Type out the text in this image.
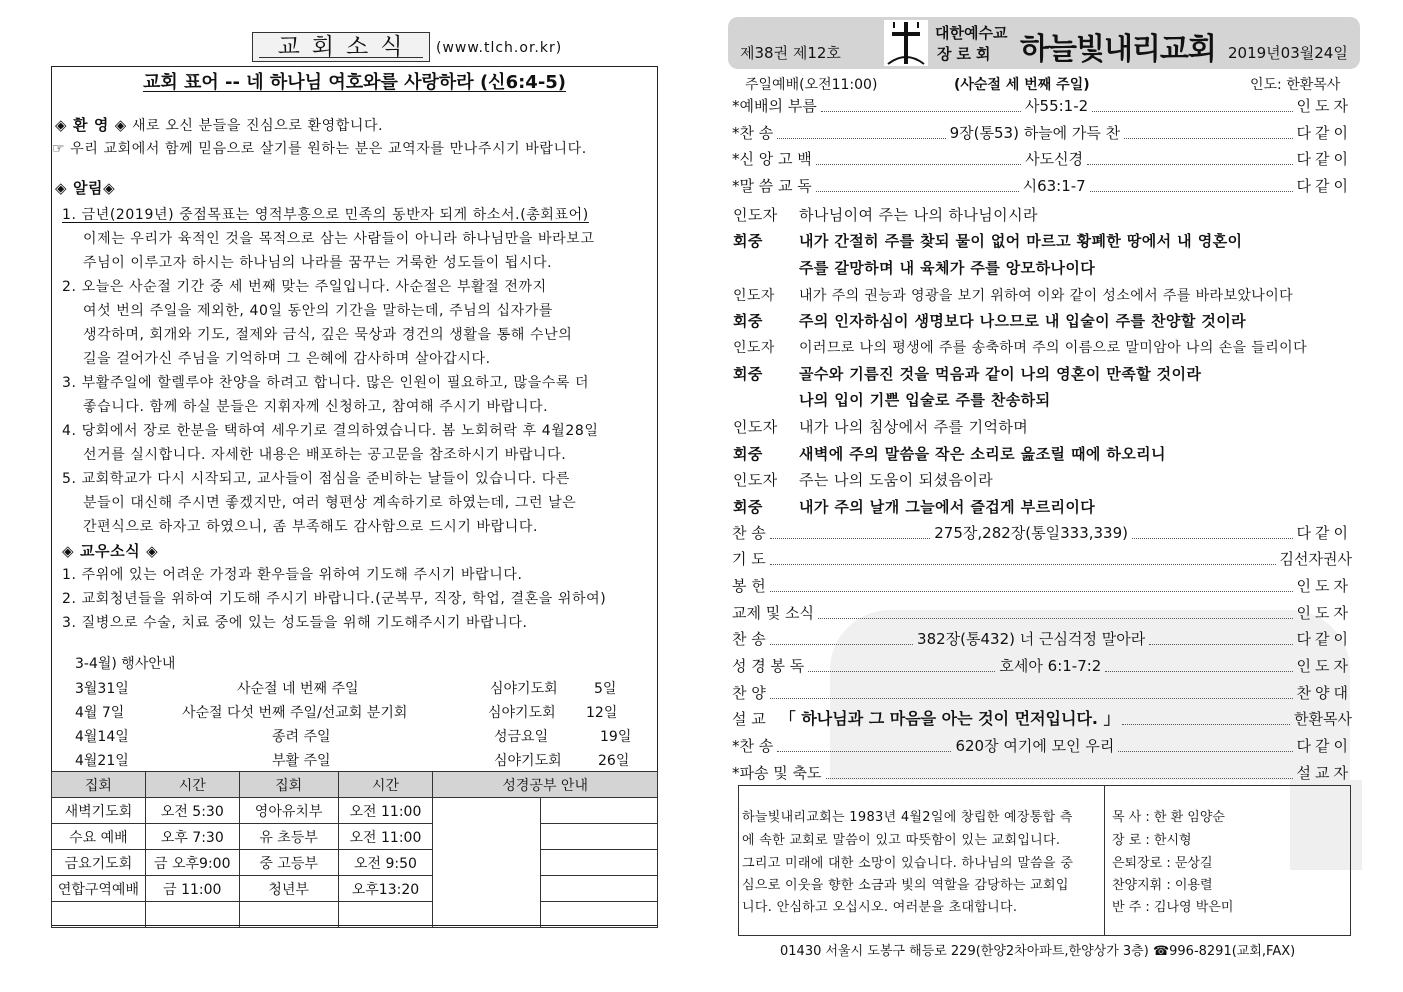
교회소식	(www.tlch.or.kr)
교회 표어 -- 네 하나님 여호와를 사랑하라 (신6:4-5)
◈ 환 영 ◈ 새로 오신 분들을 진심으로 환영합니다.
☞ 우리 교회에서 함께 믿음으로 살기를 원하는 분은 교역자를 만나주시기 바랍니다.
◈ 알림◈
1. 금년(2019년) 중점목표는 영적부흥으로 민족의 동반자 되게 하소서.(총회표어)
이제는 우리가 육적인 것을 목적으로 삼는 사람들이 아니라 하나님만을 바라보고
주님이 이루고자 하시는 하나님의 나라를 꿈꾸는 거룩한 성도들이 됩시다.
2. 오늘은 사순절 기간 중 세 번째 맞는 주일입니다. 사순절은 부활절 전까지
여섯 번의 주일을 제외한, 40일 동안의 기간을 말하는데, 주님의 십자가를
생각하며, 회개와 기도, 절제와 금식, 깊은 묵상과 경건의 생활을 통해 수난의
길을 걸어가신 주님을 기억하며 그 은혜에 감사하며 살아갑시다.
3. 부활주일에 할렐루야 찬양을 하려고 합니다. 많은 인원이 필요하고, 많을수록 더
좋습니다. 함께 하실 분들은 지휘자께 신청하고, 참여해 주시기 바랍니다.
4. 당회에서 장로 한분을 택하여 세우기로 결의하였습니다. 봄 노회허락 후 4월28일
선거를 실시합니다. 자세한 내용은 배포하는 공고문을 참조하시기 바랍니다.
5. 교회학교가 다시 시작되고, 교사들이 점심을 준비하는 날들이 있습니다. 다른
분들이 대신해 주시면 좋겠지만, 여러 형편상 계속하기로 하였는데, 그런 날은
간편식으로 하자고 하였으니, 좀 부족해도 감사함으로 드시기 바랍니다.
◈ 교우소식 ◈
1. 주위에 있는 어려운 가정과 환우들을 위하여 기도해 주시기 바랍니다.
2. 교회청년들을 위하여 기도해 주시기 바랍니다.(군복무, 직장, 학업, 결혼을 위하여)
3. 질병으로 수술, 치료 중에 있는 성도들을 위해 기도해주시기 바랍니다.
3-4월) 행사안내
3월31일	사순절 네 번째 주일	심야기도회	5일
4월 7일	사순절 다섯 번째 주일/선교회 분기회	심야기도회 12일
4월14일	종려 주일	성금요일	19일
4월21일	부활 주일	심야기도회	26일
집회	시간	집회	시간	성경공부 안내	
새벽기도회	오전 5:30	영아유치부	오전 11:00		
수요 예배	오후 7:30	유 초등부	오전 11:00		
금요기도회	금 오후9:00	중 고등부	오전 9:50		
연합구역예배	금 11:00	청년부	오후13:20		

제38권 제12호
대한예수교
장로회 하늘빛내리교회 2019년03월24일
주일예배(오전11:00)	(사순절 세 번째 주일)	인도: 한환목사
*예배의 부름	사55:1-2	인도자
*찬 송	9장(통53) 하늘에 가득 찬	다같이
*신 앙 고 백	사도신경	다같이
*말 씀 교 독	시63:1-7	다같이
인도자 하나님이여 주는 나의 하나님이시라
회중 내가 간절히 주를 찾되 물이 없어 마르고 황폐한 땅에서 내 영혼이
주를 갈망하며 내 육체가 주를 앙모하나이다
인도자 내가 주의 권능과 영광을 보기 위하여 이와 같이 성소에서 주를 바라보았나이다
회중 주의 인자하심이 생명보다 나으므로 내 입술이 주를 찬양할 것이라
인도자 이러므로 나의 평생에 주를 송축하며 주의 이름으로 말미암아 나의 손을 들리이다
회중 골수와 기름진 것을 먹음과 같이 나의 영혼이 만족할 것이라
나의 입이 기쁜 입술로 주를 찬송하되
인도자 내가 나의 침상에서 주를 기억하며
회중 새벽에 주의 말씀을 작은 소리로 읊조릴 때에 하오리니
인도자 주는 나의 도움이 되셨음이라
회중 내가 주의 날개 그늘에서 즐겁게 부르리이다
찬 송	275장,282장(통일333,339)	다같이
기 도	김선자권사
봉 헌	인도자
교제 및 소식	인도자
찬 송	382장(통432) 너 근심걱정 말아라	다같이
성 경 봉 독	호세아 6:1-7:2	인도자
찬 양	찬양대
설 교 「 하나님과 그 마음을 아는 것이 먼저입니다. 」	한환목사
*찬 송	620장 여기에 모인 우리	다같이
*파송 및 축도	설교자
하늘빛내리교회는 1983년 4월2일에 창립한 예장통합 측
에 속한 교회로 말씀이 있고 따뜻함이 있는 교회입니다.
그리고 미래에 대한 소망이 있습니다. 하나님의 말씀을 중
심으로 이웃을 향한 소금과 빛의 역할을 감당하는 교회입
니다. 안심하고 오십시오. 여러분을 초대합니다.
목 사 : 한 환 임양순
장 로 : 한시형
은퇴장로 : 문상길
찬양지휘 : 이용렬
반 주 : 김나영 박은미
01430 서울시 도봉구 해등로 229(한양2차아파트,한양상가 3층) ☎996-8291(교회,FAX)
